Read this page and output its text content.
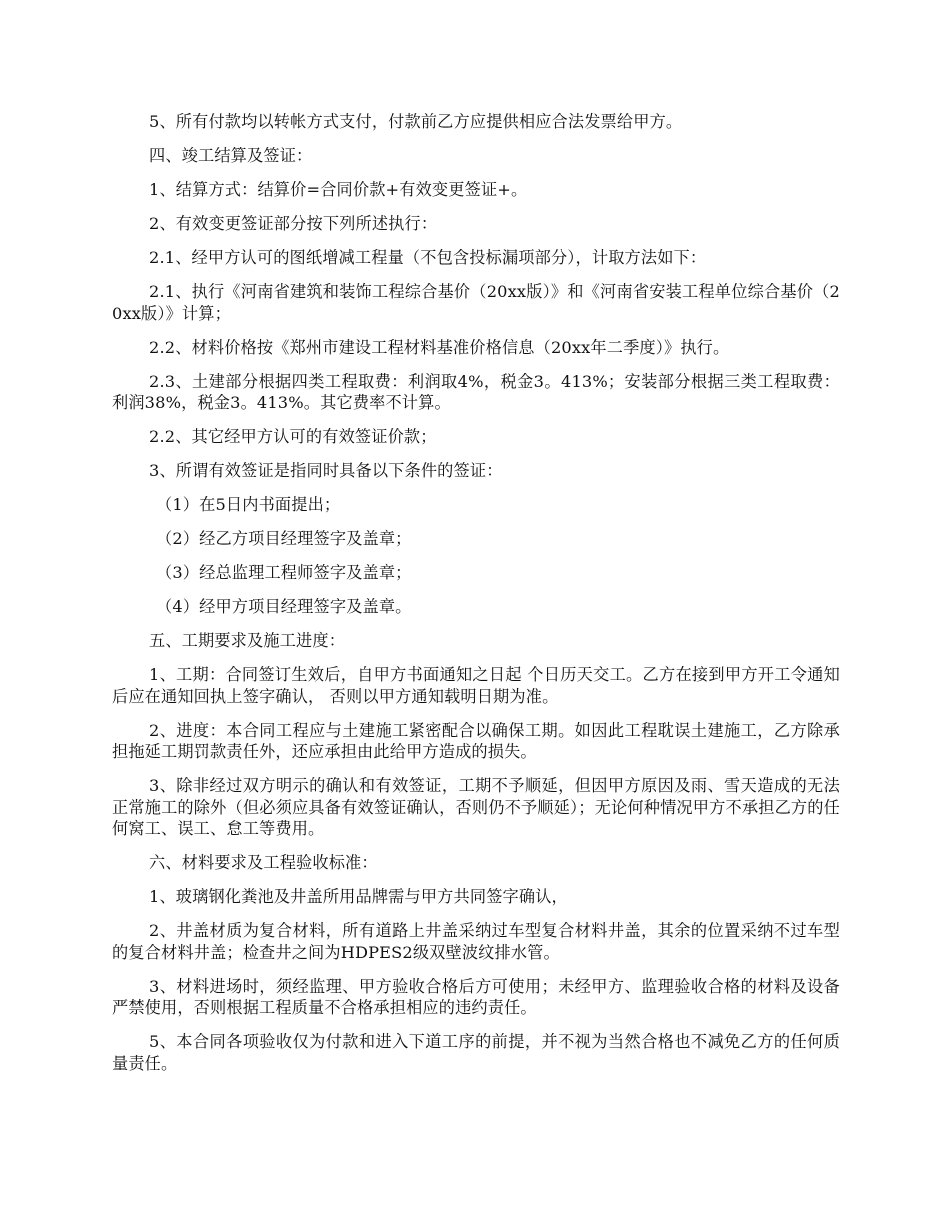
5、所有付款均以转帐方式支付，付款前乙方应提供相应合法发票给甲方。

四、竣工结算及签证：

1、结算方式：结算价=合同价款+有效变更签证+。

2、有效变更签证部分按下列所述执行：

2.1、经甲方认可的图纸增减工程量（不包含投标漏项部分），计取方法如下：

2.1、执行《河南省建筑和装饰工程综合基价（20xx版）》和《河南省安装工程单位综合基价（20xx版）》计算；

2.2、材料价格按《郑州市建设工程材料基准价格信息（20xx年二季度）》执行。

2.3、土建部分根据四类工程取费：利润取4%，税金3。413%；安装部分根据三类工程取费：利润38%，税金3。413%。其它费率不计算。

2.2、其它经甲方认可的有效签证价款；

3、所谓有效签证是指同时具备以下条件的签证：

（1）在5日内书面提出；

（2）经乙方项目经理签字及盖章；

（3）经总监理工程师签字及盖章；

（4）经甲方项目经理签字及盖章。

五、工期要求及施工进度：

1、工期：合同签订生效后，自甲方书面通知之日起 个日历天交工。乙方在接到甲方开工令通知后应在通知回执上签字确认， 否则以甲方通知载明日期为准。

2、进度：本合同工程应与土建施工紧密配合以确保工期。如因此工程耽误土建施工，乙方除承担拖延工期罚款责任外，还应承担由此给甲方造成的损失。

3、除非经过双方明示的确认和有效签证，工期不予顺延，但因甲方原因及雨、雪天造成的无法正常施工的除外（但必须应具备有效签证确认，否则仍不予顺延）；无论何种情况甲方不承担乙方的任何窝工、误工、怠工等费用。

六、材料要求及工程验收标准：

1、玻璃钢化粪池及井盖所用品牌需与甲方共同签字确认，

2、井盖材质为复合材料，所有道路上井盖采纳过车型复合材料井盖，其余的位置采纳不过车型的复合材料井盖；检查井之间为HDPES2级双壁波纹排水管。

3、材料进场时，须经监理、甲方验收合格后方可使用；未经甲方、监理验收合格的材料及设备严禁使用，否则根据工程质量不合格承担相应的违约责任。

5、本合同各项验收仅为付款和进入下道工序的前提，并不视为当然合格也不减免乙方的任何质量责任。
